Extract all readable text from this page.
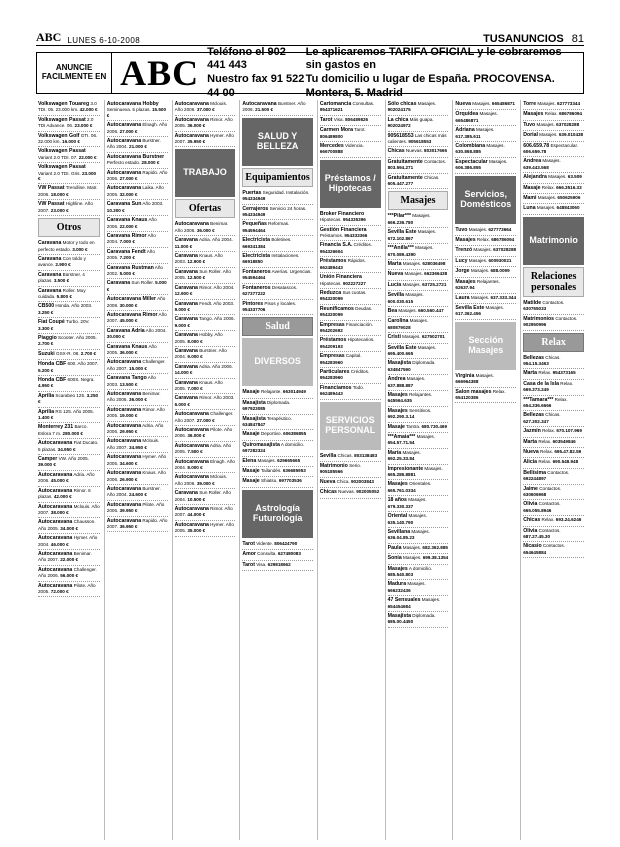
ABC LUNES 6-10-2008	TUSANUNCIOS 81
ANUNCIE FACILMENTE EN ABC
Teléfono el 902 441 443
Nuestro fax 91 522 44 00
Le aplicaremos TARIFA OFICIAL y le cobraremos sin gastos en
Tu domicilio u lugar de España. PROCOVENSA. Montera, 5. Madrid
Volkswagen Touareg 3.0 TDI. 05. 23.000 km. 42.000 €
Volkswagen Passat 2.0 TDI Advance. 06. 23.000 €
Volkswagen Golf GTI. 06. 32.000 km. 16.000 €
Volkswagen Passat Variant 2.0 TDI. 07. 22.000 €
Volkswagen Passat Variant 2.0 TDI. Gris. 23.000 €
VW Passat Trendline. Matr. 2006. 18.000 €
VW Passat Highline. Año 2007. 23.000 €
Otros
Caravana Motor y todo en perfecto estado. 3.000 €
Caravana Con toldo y avance. 2.900 €
Caravana Bürstner. 4 plazas. 3.500 €
Caravana Roller. Muy cuidada. 5.800 €
CB500 Honda. Año 2003. 3.250 €
Fiat Coupé Turbo. 20V. 3.300 €
Piaggio Scooter. Año 2005. 2.700 €
Suzuki GSX-R. 08. 2.700 €
Honda CBF 600. Año 2007. 5.200 €
Honda CBF 600S. Negra. 4.950 €
Aprilia Scarabeo 125. 3.250 €
Aprilia RS 125. Año 2005. 1.400 €
Monterrey 231 Barco. Eslora 7 m. 280.000 €
Autocaravana Fiat Ducato. 5 plazas. 34.950 €
Camper VW. Año 2005. 39.000 €
Autocaravana Adria. Año 2006. 45.000 €
Autocaravana Rimor. 6 plazas. 42.000 €
Autocaravana Mclouis. Año 2007. 38.000 €
Autocaravana Chausson. Año 2005. 34.000 €
Autocaravana Hymer. Año 2004. 46.000 €
Autocaravana Benimar. Año 2007. 22.000 €
Autocaravana Challenger. Año 2006. 56.000 €
Autocaravana Pilote. Año 2005. 72.000 €
Autocaravana Hobby Seminueva. 5 plazas. 15.500 €
Autocaravana Elnagh. Año 2006. 27.000 €
Autocaravana Burstner. Año 2004. 21.000 €
Autocaravana Burstner Perfecto estado. 28.000 €
Autocaravana Rapido. Año 2006. 27.000 €
Autocaravana Laika. Año 2005. 32.000 €
Caravana Sun Año 2003. 10.300 €
Caravana Knaus Año 2006. 22.000 €
Caravana Rimor Año 2004. 7.000 €
Caravana Fendt Año 2005. 7.200 €
Caravana Rustman Año 2002. 5.000 €
Caravana Sun Roller. 5.000 €
Autocaravana Miller Año 2008. 30.000 €
Autocaravana Rimor Año 2007. 45.000 €
Caravana Adria Año 2004. 30.000 €
Caravana Knaus Año 2005. 36.000 €
Autocaravana Challenger. Año 2007. 15.000 €
Caravana Tango Año 2003. 13.500 €
Autocaravana Benimar. Año 2006. 36.000 €
Autocaravana Rimor. Año 2005. 19.000 €
Autocaravana Adria. Año 2006. 29.950 €
Autocaravana Mclouis. Año 2007. 34.950 €
Autocaravana Hymer. Año 2005. 34.600 €
Autocaravana Knaus. Año 2006. 26.900 €
Autocaravana Burstner. Año 2004. 24.600 €
Autocaravana Pilote. Año 2006. 39.950 €
Autocaravana Rapido. Año 2007. 36.950 €
Autocaravana Mclouis. Año 2006. 37.000 €
Autocaravana Rimor. Año 2005. 36.000 €
Autocaravana Hymer. Año 2007. 35.950 €
TRABAJO
Ofertas
Autocaravana Benimar. Año 2006. 36.000 €
Caravana Adria. Año 2004. 11.000 €
Caravana Knaus. Año 2003. 12.900 €
Caravana Sun Roller. Año 2005. 12.500 €
Caravana Rimor. Año 2004. 12.900 €
Caravana Fendt. Año 2003. 9.000 €
Caravana Tango. Año 2006. 9.000 €
Caravana Hobby. Año 2005. 8.000 €
Caravana Burstner. Año 2004. 9.000 €
Caravana Adria. Año 2006. 14.000 €
Caravana Knaus. Año 2005. 7.000 €
Caravana Rimor. Año 2003. 6.000 €
Autocaravana Challenger. Año 2007. 27.000 €
Autocaravana Pilote. Año 2006. 36.000 €
Autocaravana Adria. Año 2005. 7.500 €
Autocaravana Elnagh. Año 2004. 8.000 €
Autocaravana Mclouis. Año 2006. 39.000 €
Caravana Sun Roller. Año 2004. 10.500 €
Autocaravana Rimor. Año 2007. 44.000 €
Autocaravana Hymer. Año 2005. 35.000 €
Autocaravana Burstner. Año 2006. 21.500 €
SALUD Y BELLEZA
Equipamientos
Puertas Seguridad. Instalación. 954334949
Cerrajeros Servicio 24 horas. 954334949
Pequeñas Reformas. 954594464
Electricista Boletines. 669341384
Electricista Instalaciones. 66918850
Fontaneros Averías. Urgencias. 954594464
Fontaneros Desatascos. 627377222
Pintores Pisos y locales. 954337706
Salud
DIVERSOS
Masaje Relajante. 663014949
Masajista Diplomada. 697923085
Masajista Terapéutico. 634847847
Masaje Deportivo. 606386855
Quiromasajista A domicilio. 697282324
Elena Masajes. 629665665
Masaje Tailandés. 636685953
Masaje Shiatsu. 697703536
Astrología Futurología
Tarot Vidente. 806424790
Amor Consulta. 627480083
Tarot Visa. 629818662
Cartomancia Consultas. 954371621
Tarot Visa. 806489826
Carmen Mora Tarot. 806489800
Mercedes Videncia. 666700888
Préstamos / Hipotecas
Broker Financiero Hipotecas. 954335396
Gestión Financiera Préstamos. 954333366
Financia S.A. Créditos. 954326604
Préstamos Rápidos. 662489443
Unión Financiera Hipotecas. 902227227
Reduzca Sus cuotas. 954320099
Reunificamos Deudas. 954320099
Empresas Financiación. 954202692
Préstamos Hipotecarios. 954209193
Empresas Capital. 954283960
Particulares Créditos. 954283960
Financiamos Todo. 662489443
SERVICIOS PERSONAL
Sevilla Chicas. 803138483
Matrimonio Serio. 905185566
Nueva Chica. 902003843
Chicas Nuevas. 902005052
Sólo chicas Masajes. 902024175
La chica Más guapa. 902024972
905618553 Las chicas más calientes. 905618553
Chicas Nuevas. 803017666
Gratuitamente Contactos. 803.594.271
Gratuitamente Chicas. 605.447.277
Masajes
***Pilar*** Masajes. 666.236.780
Sevilla Este Masajes. 672.102.867
***Anilla*** Masajes. 670.089.4390
Marta Masajes. 628036498
Nueva Masajes. 662366438
Lucía Masajes. 63725.2721
Sevilla Masajes. 600.030.615
Bea Masajes. 660.560.447
Carolina Masajes. 680879028
Cristi Masajes. 627502701
Sevilla Este Masajes. 695.400.665
Masajista Diplomada. 634847590
Andrea Masajes. 637.888.887
Masajes Relajantes. 645564.635
Masajes Sensitivos. 692.290.3.14
Masaje Tantra. 680.730.469
***Amaia*** Masajes. 654.57.71.54
María Masajes. 692.25.33.84
Impresionante Masajes. 665.286.8881
Masajes Orientales. 665.761.0334
18 años Masajes. 679.330.337
Oriental Masajes. 635.140.790
Sevillana Masajes. 636.04.85.23
Paula Masajes. 682.362.885
Sonia Masajes. 699.38.1354
Masajes A domicilio. 685.540.803
Madura Masajes. 666232436
47 Sensuales Masajes. 654454684
Masajista Diplomada. 685.00.4450
Nueva Masajes. 665486871
Orquídea Masajes. 665486871
Adriana Masajes. 617.385.611
Colombiana Masajes. 630.868.885
Espectacular Masajes. 606.386.855
Servicios, Domésticos
Tuvo Masajes. 627773664
Masajes Relax. 686786094
Trenzó Masajes. 637028288
Lucy Masajes. 600930021
Jorge Masajes. 688.0099
Masajes Relajantes. 62637.94
Laura Masajes. 637.333.344
Sevilla Este Masajes. 617.362.456
Sección Masajes
Virginia Masajes. 666964388
Salon masajes Relax. 654120386
Torre Masajes. 627773344
Masajes Relax. 686786094
Tuvo Masajes. 637028288
Dorial Masajes. 639.010438
606.659.78 Espectacular. 606.659.78
Andrea Masajes. 639.443.568
Alejandra Masajes. 63.509
Masaje Relax. 666.3516.33
Mami Masajes. 650625906
Luna Masajes. 648843060
Matrimonio
Relaciones personales
Matilde Contactos. 630765033
Matrimonios Contactos. 902950996
Relax
Bellezas Chicas. 954.15.3463
Marta Relax. 954373165
Casa de la Isla Relax. 669.373.249
***Tamara*** Relax. 654.336.6666
Bellezas Chicas. 627.302.347
Jazmín Relax. 670.107.969
Marta Relax. 603549846
Nueva Relax. 695.47.82.59
Alicia Relax. 690.548.948
Bellísima Contactos. 692244897
Jaime Contactos. 630606968
Olivia Contactos. 665.055.8946
Chicas Relax. 693.24.6246
Olivia Contactos. 687.27.45.30
Nicasio Contactos. 654645884
